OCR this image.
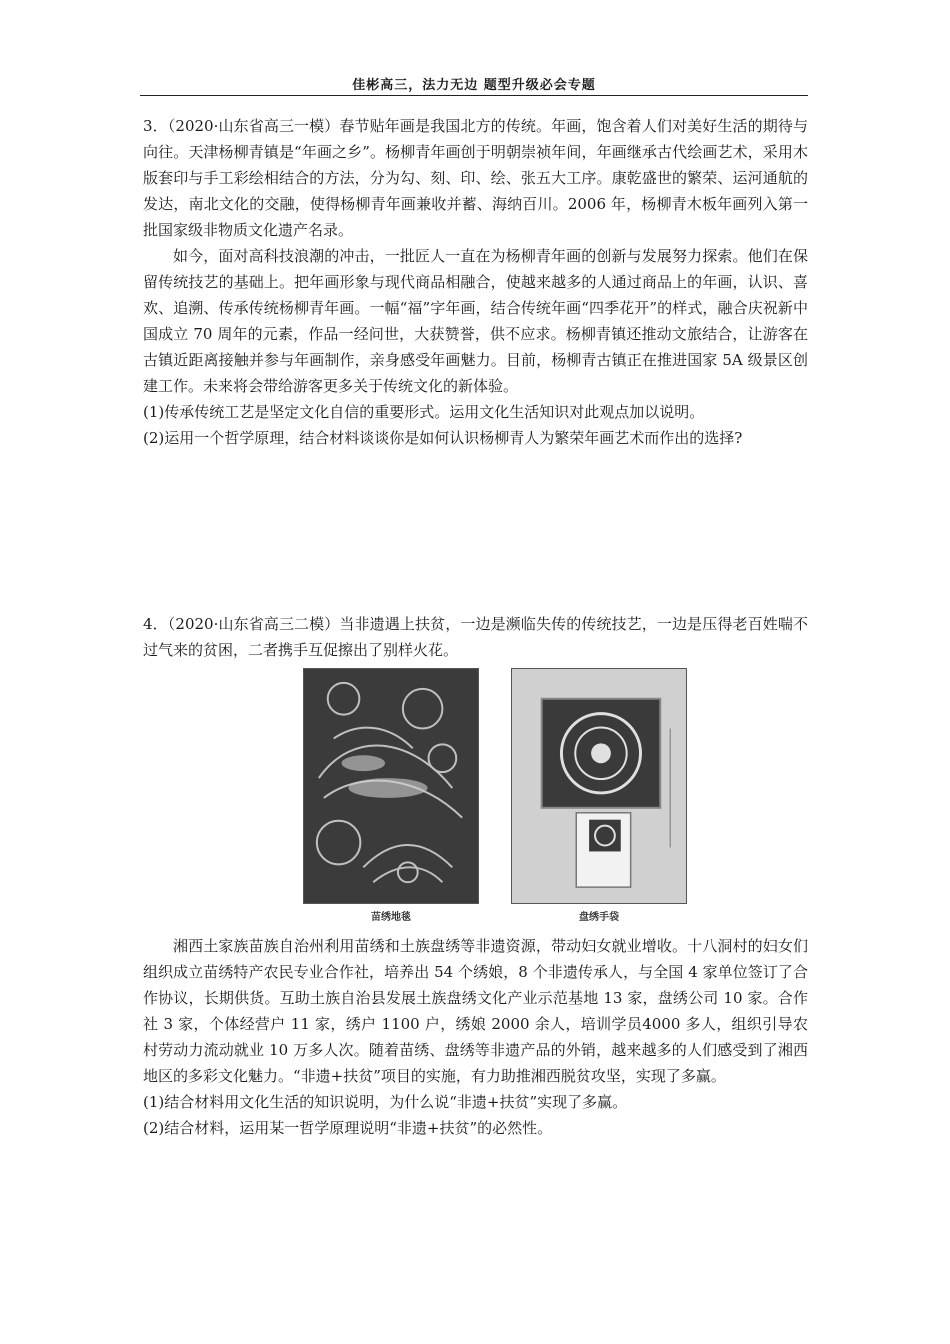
佳彬高三，法力无边 题型升级必会专题

3．（2020·山东省高三一模）春节贴年画是我国北方的传统。年画，饱含着人们对美好生活的期待与向往。天津杨柳青镇是“年画之乡”。杨柳青年画创于明朝崇祯年间，年画继承古代绘画艺术，采用木版套印与手工彩绘相结合的方法，分为勾、刻、印、绘、张五大工序。康乾盛世的繁荣、运河通航的发达，南北文化的交融，使得杨柳青年画兼收并蓄、海纳百川。2006 年，杨柳青木板年画列入第一批国家级非物质文化遗产名录。

如今，面对高科技浪潮的冲击，一批匠人一直在为杨柳青年画的创新与发展努力探索。他们在保留传统技艺的基础上。把年画形象与现代商品相融合，使越来越多的人通过商品上的年画，认识、喜欢、追溯、传承传统杨柳青年画。一幅“福”字年画，结合传统年画“四季花开”的样式，融合庆祝新中国成立 70 周年的元素，作品一经问世，大获赞誉，供不应求。杨柳青镇还推动文旅结合，让游客在古镇近距离接触并参与年画制作，亲身感受年画魅力。目前，杨柳青古镇正在推进国家 5A 级景区创建工作。未来将会带给游客更多关于传统文化的新体验。

(1)传承传统工艺是坚定文化自信的重要形式。运用文化生活知识对此观点加以说明。

(2)运用一个哲学原理，结合材料谈谈你是如何认识杨柳青人为繁荣年画艺术而作出的选择?

4．（2020·山东省高三二模）当非遗遇上扶贫，一边是濒临失传的传统技艺，一边是压得老百姓喘不过气来的贫困，二者携手互促擦出了别样火花。

苗绣地毯	盘绣手袋

湘西土家族苗族自治州利用苗绣和土族盘绣等非遗资源，带动妇女就业增收。十八洞村的妇女们组织成立苗绣特产农民专业合作社，培养出 54 个绣娘，8 个非遗传承人，与全国 4 家单位签订了合作协议，长期供货。互助土族自治县发展土族盘绣文化产业示范基地 13 家，盘绣公司 10 家。合作社 3 家，个体经营户 11 家，绣户 1100 户，绣娘 2000 余人，培训学员4000 多人，组织引导农村劳动力流动就业 10 万多人次。随着苗绣、盘绣等非遗产品的外销，越来越多的人们感受到了湘西地区的多彩文化魅力。“非遗+扶贫”项目的实施，有力助推湘西脱贫攻坚，实现了多赢。

(1)结合材料用文化生活的知识说明，为什么说“非遗+扶贫”实现了多赢。

(2)结合材料，运用某一哲学原理说明“非遗+扶贫”的必然性。
